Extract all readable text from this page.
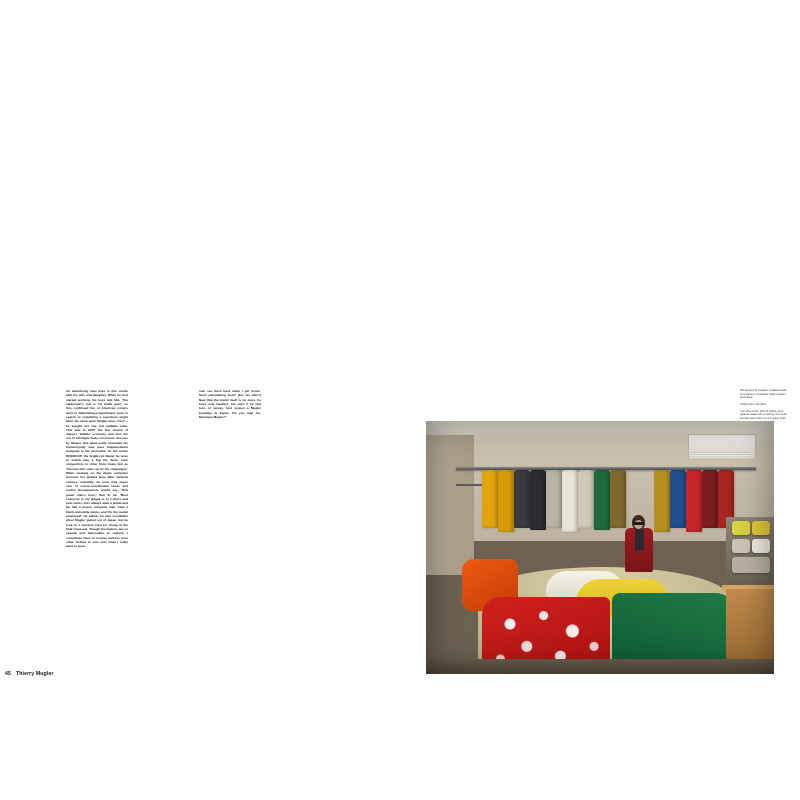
An advertising man lives in this condo with his wife and daughter. When he first started working, his boss told him, 'The salaryman's suit is his battle gear', so this confirmed fan of American comics went to Takashimaya department store in search of something a superhero might wear. He came upon Mugler and—'Yes!'—he bought not one, but multiple suits. This was in 1990, the last stretch of Japan's 'bubble' economy, and also the era of skintight 'body-conscious' dresses by Mugler. But what really cemented his brand-loyalty was pure happenstance assigned to the promotion for the movie ROBOCOP, the bright-red blazer he wore to match was a big hit. Soon even competitors in other firms knew him as 'the man who suits up for his campaigns'. When working on the Apple computer account, his jackets were iMac rainbow colours, naturally; he even had seven sets of colour-coordinated shoes and socks! Receptionists would say, 'That green man's here'. Sun th he, 'Most everyone in my league is in T-shirts and polo shirts, but I always wear a jacket and tie, like a proper company man. Take a black-and-white photo, and I'm the model employee!' He admits he was crestfallen when Mugler pulled out of Japan, but he took in a massive haul for cheap at the final close-out, 'though the buttons are so special and impossible to replace, I sometimes have to remove buttons from other clothes to sew onto what I really want to wear.
men see them back when I get home'. Such painstaking work! (For his wife?) Now that the brand itself is no more, he buys only Gaultier, but says if he had tons of money, he'd reopen a Mugler boutique in Japan. 'Do you read me, Monsieur Mugler?'
45 Thierry Mugler

Hair dressed by daughter, breakfast made by a waitress. Coordinate clothes colours accordingly.

Clothes bar in the office.

I can drive home, take off clothes, keep cigarette inside with an ashtray, then head for living room which up on reading small.
